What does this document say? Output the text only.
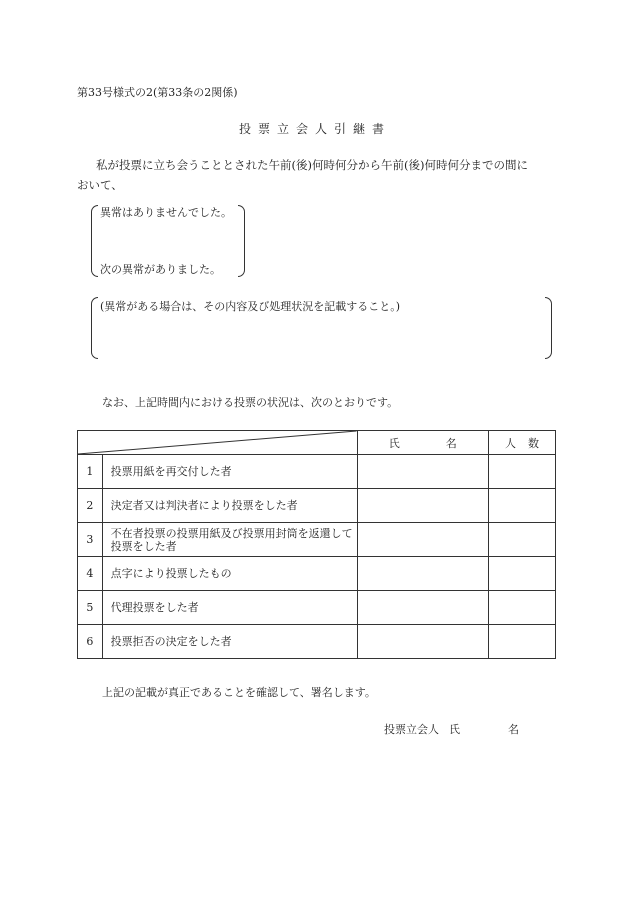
第33号様式の2(第33条の2関係)
投票立会人引継書
私が投票に立ち会うこととされた午前(後)何時何分から午前(後)何時何分までの間に
おいて、
異常はありませんでした。
次の異常がありました。
(異常がある場合は、その内容及び処理状況を記載すること。)
なお、上記時間内における投票の状況は、次のとおりです。
	氏 名	人 数
1	投票用紙を再交付した者		
2	決定者又は判決者により投票をした者		
3	不在者投票の投票用紙及び投票用封筒を返還して投票をした者		
4	点字により投票したもの		
5	代理投票をした者		
6	投票拒否の決定をした者		
上記の記載が真正であることを確認して、署名します。
投票立会人 氏	名
